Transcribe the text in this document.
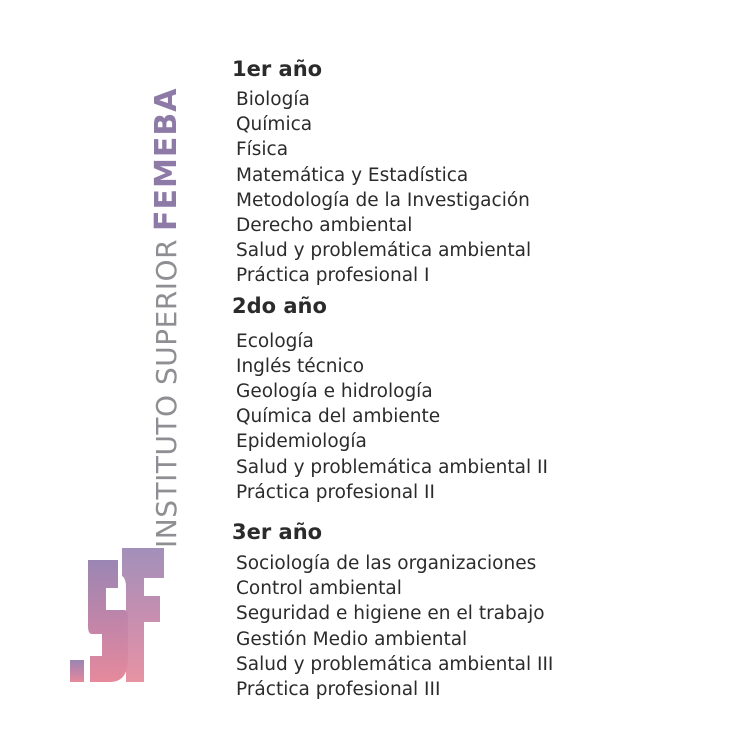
INSTITUTO SUPERIOR
FEMEBA
1er año
Biología
Química
Física
Matemática y Estadística
Metodología de la Investigación
Derecho ambiental
Salud y problemática ambiental
Práctica profesional I
2do año
Ecología
Inglés técnico
Geología e hidrología
Química del ambiente
Epidemiología
Salud y problemática ambiental II
Práctica profesional II
3er año
Sociología de las organizaciones
Control ambiental
Seguridad e higiene en el trabajo
Gestión Medio ambiental
Salud y problemática ambiental III
Práctica profesional III
